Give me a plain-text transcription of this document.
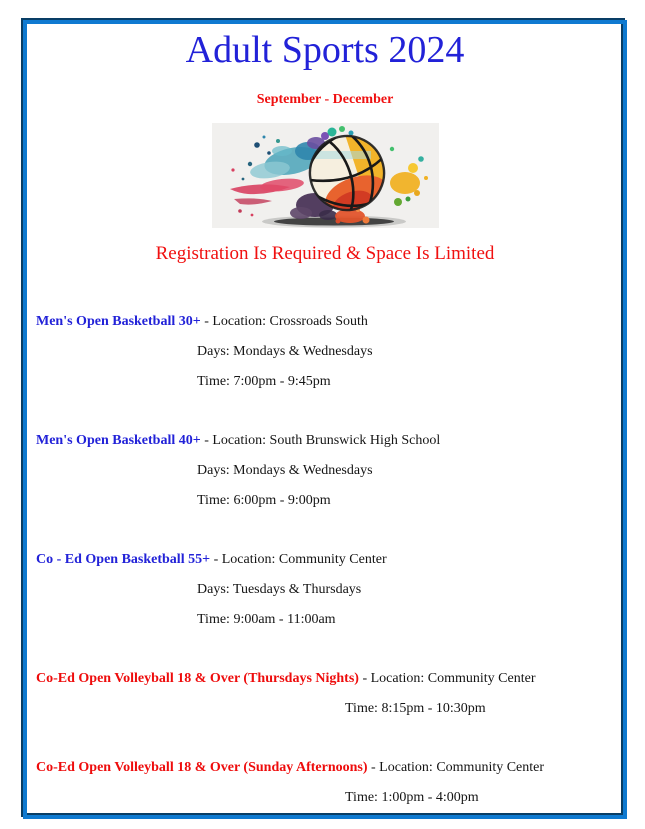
Adult Sports 2024
September - December
Registration Is Required & Space Is Limited
Men's Open Basketball 30+ - Location: Crossroads South
Days: Mondays & Wednesdays
Time: 7:00pm - 9:45pm
Men's Open Basketball 40+ - Location: South Brunswick High School
Days: Mondays & Wednesdays
Time: 6:00pm - 9:00pm
Co - Ed Open Basketball 55+ - Location: Community Center
Days: Tuesdays & Thursdays
Time: 9:00am - 11:00am
Co-Ed Open Volleyball 18 & Over (Thursdays Nights) - Location: Community Center
Time: 8:15pm - 10:30pm
Co-Ed Open Volleyball 18 & Over (Sunday Afternoons) - Location: Community Center
Time: 1:00pm - 4:00pm
